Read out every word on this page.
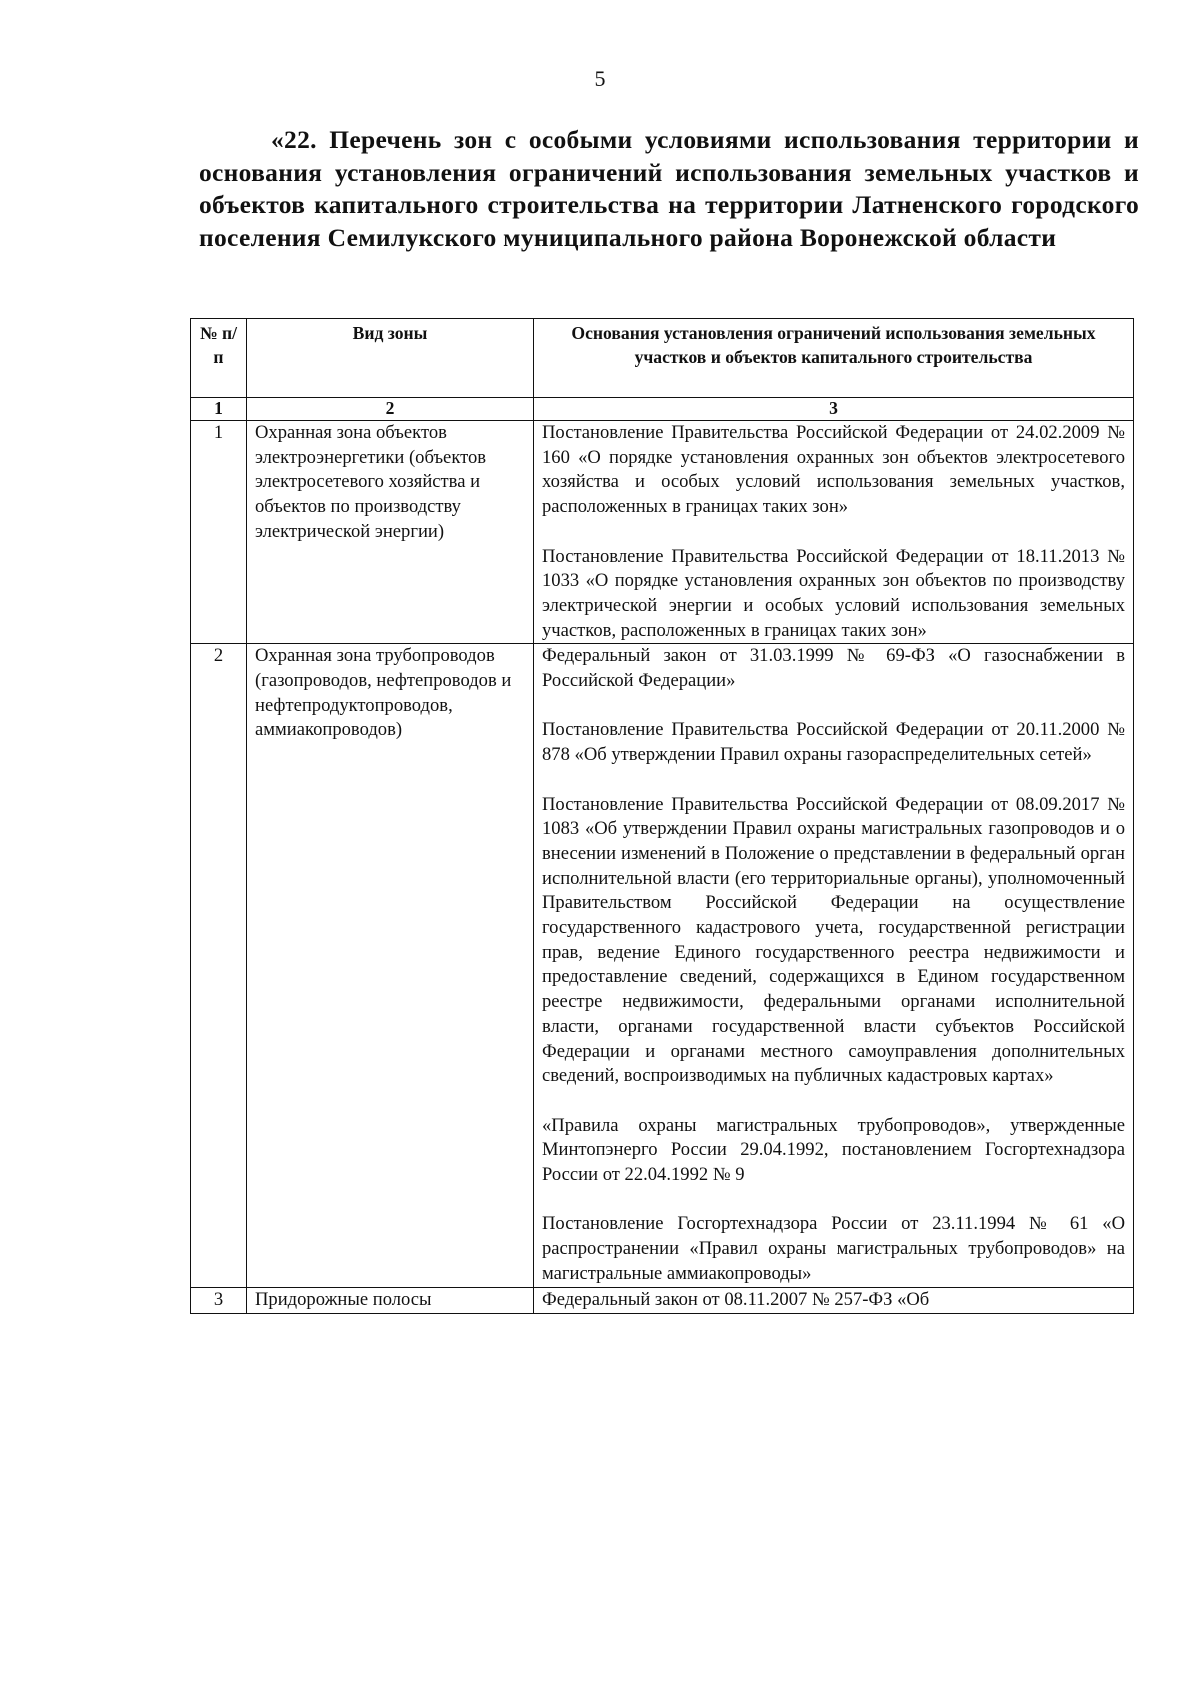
5
«22. Перечень зон с особыми условиями использования территории и основания установления ограничений использования земельных участков и объектов капитального строительства на территории Латненского городского поселения Семилукского муниципального района Воронежской области
№ п/п	Вид зоны	Основания установления ограничений использования земельных участков и объектов капитального строительства
1	2	3
1	Охранная зона объектов электроэнергетики (объектов электросетевого хозяйства и объектов по производству электрической энергии)	Постановление Правительства Российской Федерации от 24.02.2009 № 160 «О порядке установления охранных зон объектов электросетевого хозяйства и особых условий использования земельных участков, расположенных в границах таких зон»
Постановление Правительства Российской Федерации от 18.11.2013 № 1033 «О порядке установления охранных зон объектов по производству электрической энергии и особых условий использования земельных участков, расположенных в границах таких зон»

2	Охранная зона трубопроводов (газопроводов, нефтепроводов и нефтепродуктопроводов, аммиакопроводов)	Федеральный закон от 31.03.1999 № 69-ФЗ «О газоснабжении в Российской Федерации»
Постановление Правительства Российской Федерации от 20.11.2000 № 878 «Об утверждении Правил охраны газораспределительных сетей»
Постановление Правительства Российской Федерации от 08.09.2017 № 1083 «Об утверждении Правил охраны магистральных газопроводов и о внесении изменений в Положение о представлении в федеральный орган исполнительной власти (его территориальные органы), уполномоченный Правительством Российской Федерации на осуществление государственного кадастрового учета, государственной регистрации прав, ведение Единого государственного реестра недвижимости и предоставление сведений, содержащихся в Едином государственном реестре недвижимости, федеральными органами исполнительной власти, органами государственной власти субъектов Российской Федерации и органами местного самоуправления дополнительных сведений, воспроизводимых на публичных кадастровых картах»
«Правила охраны магистральных трубопроводов», утвержденные Минтопэнерго России 29.04.1992, постановлением Госгортехнадзора России от 22.04.1992 № 9
Постановление Госгортехнадзора России от 23.11.1994 № 61 «О распространении «Правил охраны магистральных трубопроводов» на магистральные аммиакопроводы»

3	Придорожные полосы	Федеральный закон от 08.11.2007 № 257-ФЗ «Об
